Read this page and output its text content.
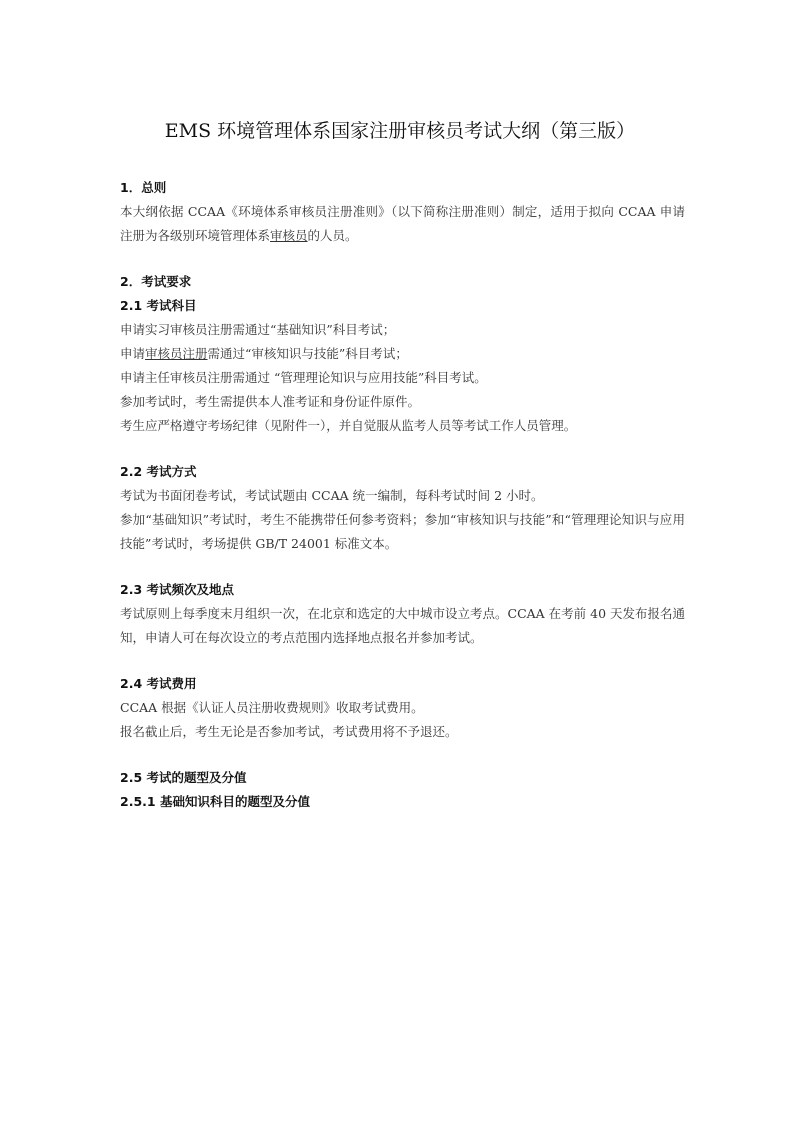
EMS 环境管理体系国家注册审核员考试大纲（第三版）
1．总则
本大纲依据 CCAA《环境体系审核员注册准则》（以下简称注册准则）制定，适用于拟向 CCAA 申请注册为各级别环境管理体系审核员的人员。
2．考试要求
2.1 考试科目
申请实习审核员注册需通过“基础知识”科目考试；
申请审核员注册需通过“审核知识与技能”科目考试；
申请主任审核员注册需通过 “管理理论知识与应用技能”科目考试。
参加考试时，考生需提供本人准考证和身份证件原件。
考生应严格遵守考场纪律（见附件一），并自觉服从监考人员等考试工作人员管理。
2.2 考试方式
考试为书面闭卷考试，考试试题由 CCAA 统一编制，每科考试时间 2 小时。
参加“基础知识”考试时，考生不能携带任何参考资料；参加“审核知识与技能”和“管理理论知识与应用技能”考试时，考场提供 GB/T 24001 标准文本。
2.3 考试频次及地点
考试原则上每季度末月组织一次，在北京和选定的大中城市设立考点。CCAA 在考前 40 天发布报名通知，申请人可在每次设立的考点范围内选择地点报名并参加考试。
2.4 考试费用
CCAA 根据《认证人员注册收费规则》收取考试费用。
报名截止后，考生无论是否参加考试，考试费用将不予退还。
2.5 考试的题型及分值
2.5.1 基础知识科目的题型及分值
